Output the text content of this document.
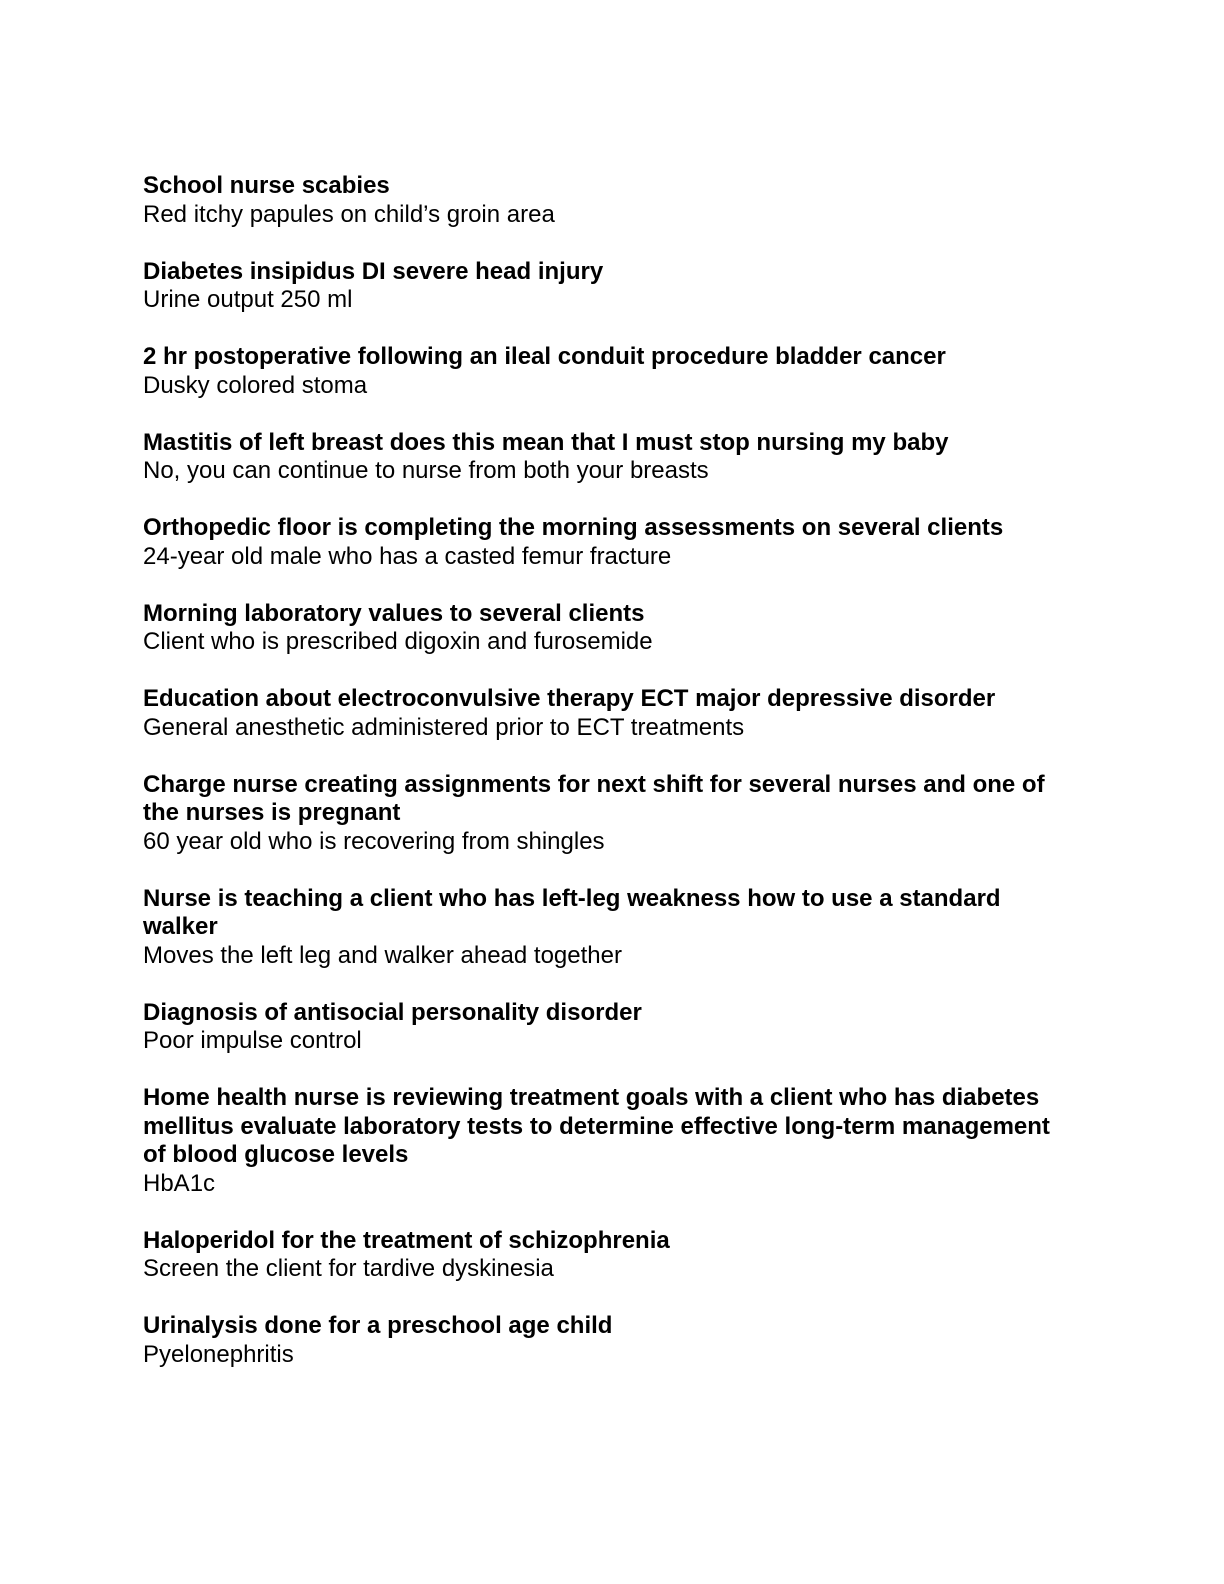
School nurse scabies

Red itchy papules on child’s groin area

Diabetes insipidus DI severe head injury

Urine output 250 ml

2 hr postoperative following an ileal conduit procedure bladder cancer

Dusky colored stoma

Mastitis of left breast does this mean that I must stop nursing my baby

No, you can continue to nurse from both your breasts

Orthopedic floor is completing the morning assessments on several clients

24-year old male who has a casted femur fracture

Morning laboratory values to several clients

Client who is prescribed digoxin and furosemide

Education about electroconvulsive therapy ECT major depressive disorder

General anesthetic administered prior to ECT treatments

Charge nurse creating assignments for next shift for several nurses and one of the nurses is pregnant

60 year old who is recovering from shingles

Nurse is teaching a client who has left-leg weakness how to use a standard walker

Moves the left leg and walker ahead together

Diagnosis of antisocial personality disorder

Poor impulse control

Home health nurse is reviewing treatment goals with a client who has diabetes mellitus evaluate laboratory tests to determine effective long-term management of blood glucose levels

HbA1c

Haloperidol for the treatment of schizophrenia

Screen the client for tardive dyskinesia

Urinalysis done for a preschool age child

Pyelonephritis
